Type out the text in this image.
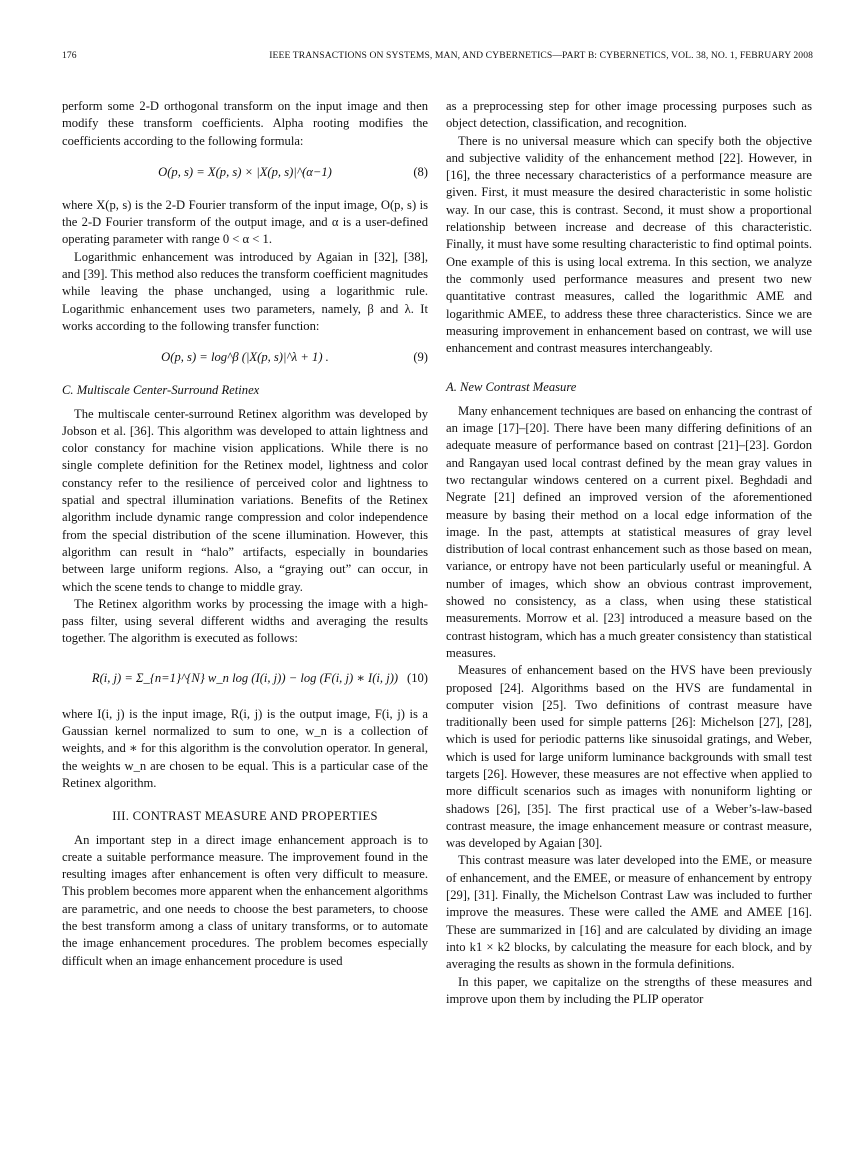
176	IEEE TRANSACTIONS ON SYSTEMS, MAN, AND CYBERNETICS—PART B: CYBERNETICS, VOL. 38, NO. 1, FEBRUARY 2008

perform some 2-D orthogonal transform on the input image and then modify these transform coefficients. Alpha rooting modifies the coefficients according to the following formula:

O(p, s) = X(p, s) × |X(p, s)|^(α−1)	(8)

where X(p, s) is the 2-D Fourier transform of the input image, O(p, s) is the 2-D Fourier transform of the output image, and α is a user-defined operating parameter with range 0 < α < 1.

Logarithmic enhancement was introduced by Agaian in [32], [38], and [39]. This method also reduces the transform coefficient magnitudes while leaving the phase unchanged, using a logarithmic rule. Logarithmic enhancement uses two parameters, namely, β and λ. It works according to the following transfer function:

O(p, s) = log^β (|X(p, s)|^λ + 1) .	(9)
C. Multiscale Center-Surround Retinex

The multiscale center-surround Retinex algorithm was developed by Jobson et al. [36]. This algorithm was developed to attain lightness and color constancy for machine vision applications. While there is no single complete definition for the Retinex model, lightness and color constancy refer to the resilience of perceived color and lightness to spatial and spectral illumination variations. Benefits of the Retinex algorithm include dynamic range compression and color independence from the special distribution of the scene illumination. However, this algorithm can result in “halo” artifacts, especially in boundaries between large uniform regions. Also, a “graying out” can occur, in which the scene tends to change to middle gray.

The Retinex algorithm works by processing the image with a high-pass filter, using several different widths and averaging the results together. The algorithm is executed as follows:

R(i, j) = Σ_{n=1}^{N} w_n log (I(i, j)) − log (F(i, j) ∗ I(i, j)) (10)

where I(i, j) is the input image, R(i, j) is the output image, F(i, j) is a Gaussian kernel normalized to sum to one, w_n is a collection of weights, and ∗ for this algorithm is the convolution operator. In general, the weights w_n are chosen to be equal. This is a particular case of the Retinex algorithm.

III. CONTRAST MEASURE AND PROPERTIES

An important step in a direct image enhancement approach is to create a suitable performance measure. The improvement found in the resulting images after enhancement is often very difficult to measure. This problem becomes more apparent when the enhancement algorithms are parametric, and one needs to choose the best parameters, to choose the best transform among a class of unitary transforms, or to automate the image enhancement procedures. The problem becomes especially difficult when an image enhancement procedure is used

as a preprocessing step for other image processing purposes such as object detection, classification, and recognition.

There is no universal measure which can specify both the objective and subjective validity of the enhancement method [22]. However, in [16], the three necessary characteristics of a performance measure are given. First, it must measure the desired characteristic in some holistic way. In our case, this is contrast. Second, it must show a proportional relationship between increase and decrease of this characteristic. Finally, it must have some resulting characteristic to find optimal points. One example of this is using local extrema. In this section, we analyze the commonly used performance measures and present two new quantitative contrast measures, called the logarithmic AME and logarithmic AMEE, to address these three characteristics. Since we are measuring improvement in enhancement based on contrast, we will use enhancement and contrast measures interchangeably.

A. New Contrast Measure

Many enhancement techniques are based on enhancing the contrast of an image [17]–[20]. There have been many differing definitions of an adequate measure of performance based on contrast [21]–[23]. Gordon and Rangayan used local contrast defined by the mean gray values in two rectangular windows centered on a current pixel. Beghdadi and Negrate [21] defined an improved version of the aforementioned measure by basing their method on a local edge information of the image. In the past, attempts at statistical measures of gray level distribution of local contrast enhancement such as those based on mean, variance, or entropy have not been particularly useful or meaningful. A number of images, which show an obvious contrast improvement, showed no consistency, as a class, when using these statistical measurements. Morrow et al. [23] introduced a measure based on the contrast histogram, which has a much greater consistency than statistical measures.

Measures of enhancement based on the HVS have been previously proposed [24]. Algorithms based on the HVS are fundamental in computer vision [25]. Two definitions of contrast measure have traditionally been used for simple patterns [26]: Michelson [27], [28], which is used for periodic patterns like sinusoidal gratings, and Weber, which is used for large uniform luminance backgrounds with small test targets [26]. However, these measures are not effective when applied to more difficult scenarios such as images with nonuniform lighting or shadows [26], [35]. The first practical use of a Weber’s-law-based contrast measure, the image enhancement measure or contrast measure, was developed by Agaian [30].

This contrast measure was later developed into the EME, or measure of enhancement, and the EMEE, or measure of enhancement by entropy [29], [31]. Finally, the Michelson Contrast Law was included to further improve the measures. These were called the AME and AMEE [16]. These are summarized in [16] and are calculated by dividing an image into k1 × k2 blocks, by calculating the measure for each block, and by averaging the results as shown in the formula definitions.

In this paper, we capitalize on the strengths of these measures and improve upon them by including the PLIP operator
